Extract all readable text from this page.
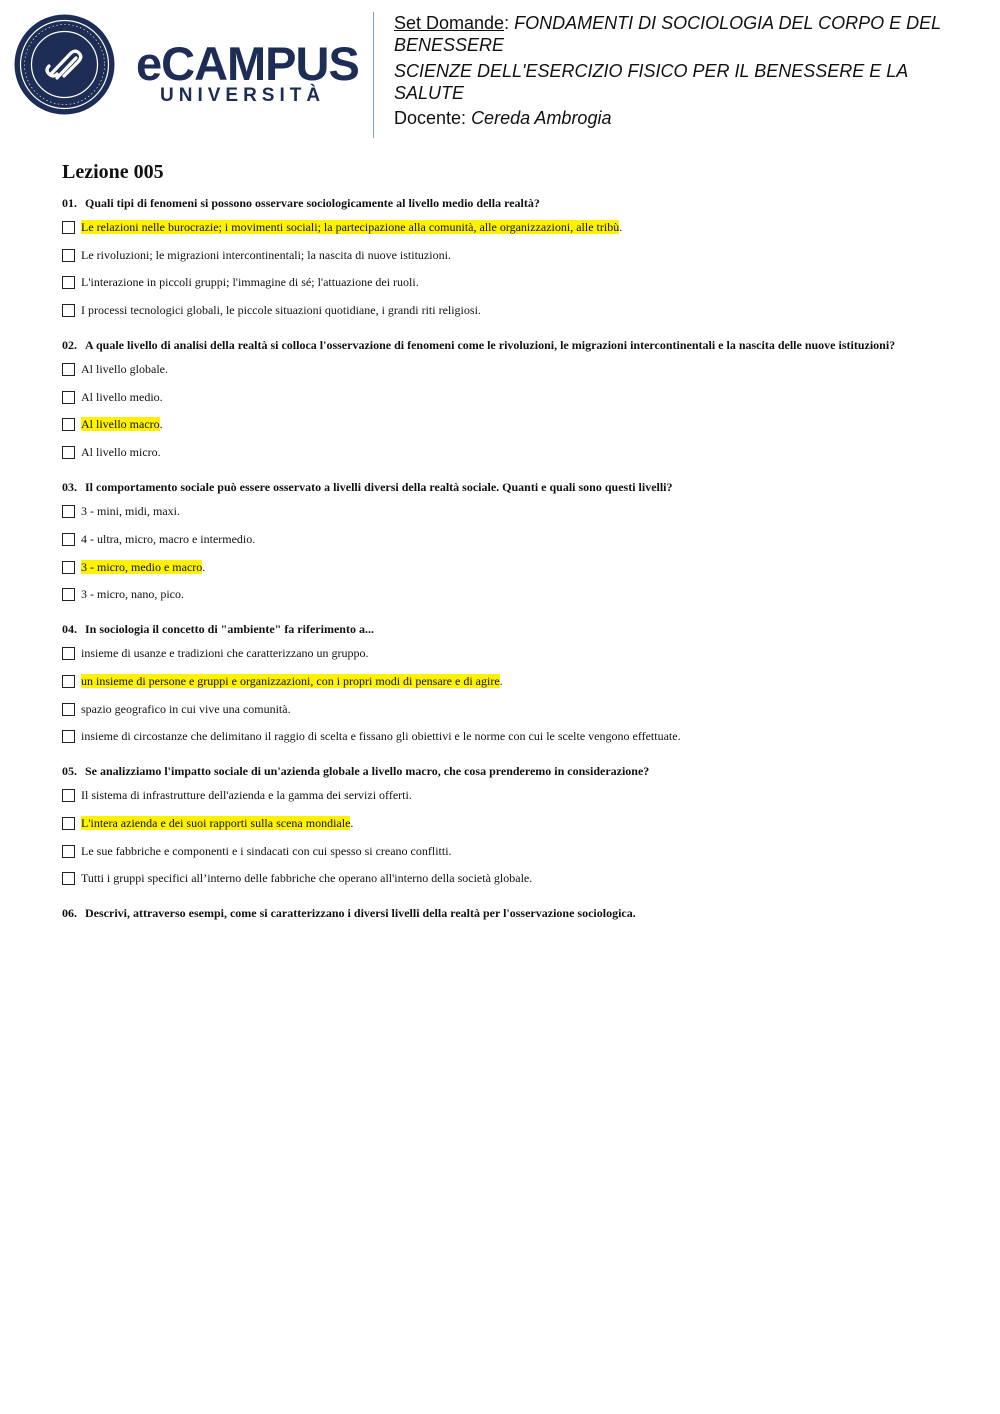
eCAMPUS
UNIVERSITÀ
Set Domande: FONDAMENTI DI SOCIOLOGIA DEL CORPO E DEL
BENESSERE
SCIENZE DELL'ESERCIZIO FISICO PER IL BENESSERE E LA
SALUTE
Docente: Cereda Ambrogia
Lezione 005
01. Quali tipi di fenomeni si possono osservare sociologicamente al livello medio della realtà?
Le relazioni nelle burocrazie; i movimenti sociali; la partecipazione alla comunità, alle organizzazioni, alle tribù.
Le rivoluzioni; le migrazioni intercontinentali; la nascita di nuove istituzioni.
L'interazione in piccoli gruppi; l'immagine di sé; l'attuazione dei ruoli.
I processi tecnologici globali, le piccole situazioni quotidiane, i grandi riti religiosi.
02. A quale livello di analisi della realtà si colloca l'osservazione di fenomeni come le rivoluzioni, le migrazioni intercontinentali e la nascita delle nuove istituzioni?
Al livello globale.
Al livello medio.
Al livello macro.
Al livello micro.
03. Il comportamento sociale può essere osservato a livelli diversi della realtà sociale. Quanti e quali sono questi livelli?
3 - mini, midi, maxi.
4 - ultra, micro, macro e intermedio.
3 - micro, medio e macro.
3 - micro, nano, pico.
04. In sociologia il concetto di "ambiente" fa riferimento a...
insieme di usanze e tradizioni che caratterizzano un gruppo.
un insieme di persone e gruppi e organizzazioni, con i propri modi di pensare e di agire.
spazio geografico in cui vive una comunità.
insieme di circostanze che delimitano il raggio di scelta e fissano gli obiettivi e le norme con cui le scelte vengono effettuate.
05. Se analizziamo l'impatto sociale di un'azienda globale a livello macro, che cosa prenderemo in considerazione?
Il sistema di infrastrutture dell'azienda e la gamma dei servizi offerti.
L'intera azienda e dei suoi rapporti sulla scena mondiale.
Le sue fabbriche e componenti e i sindacati con cui spesso si creano conflitti.
Tutti i gruppi specifici all’interno delle fabbriche che operano all'interno della società globale.
06. Descrivi, attraverso esempi, come si caratterizzano i diversi livelli della realtà per l'osservazione sociologica.
